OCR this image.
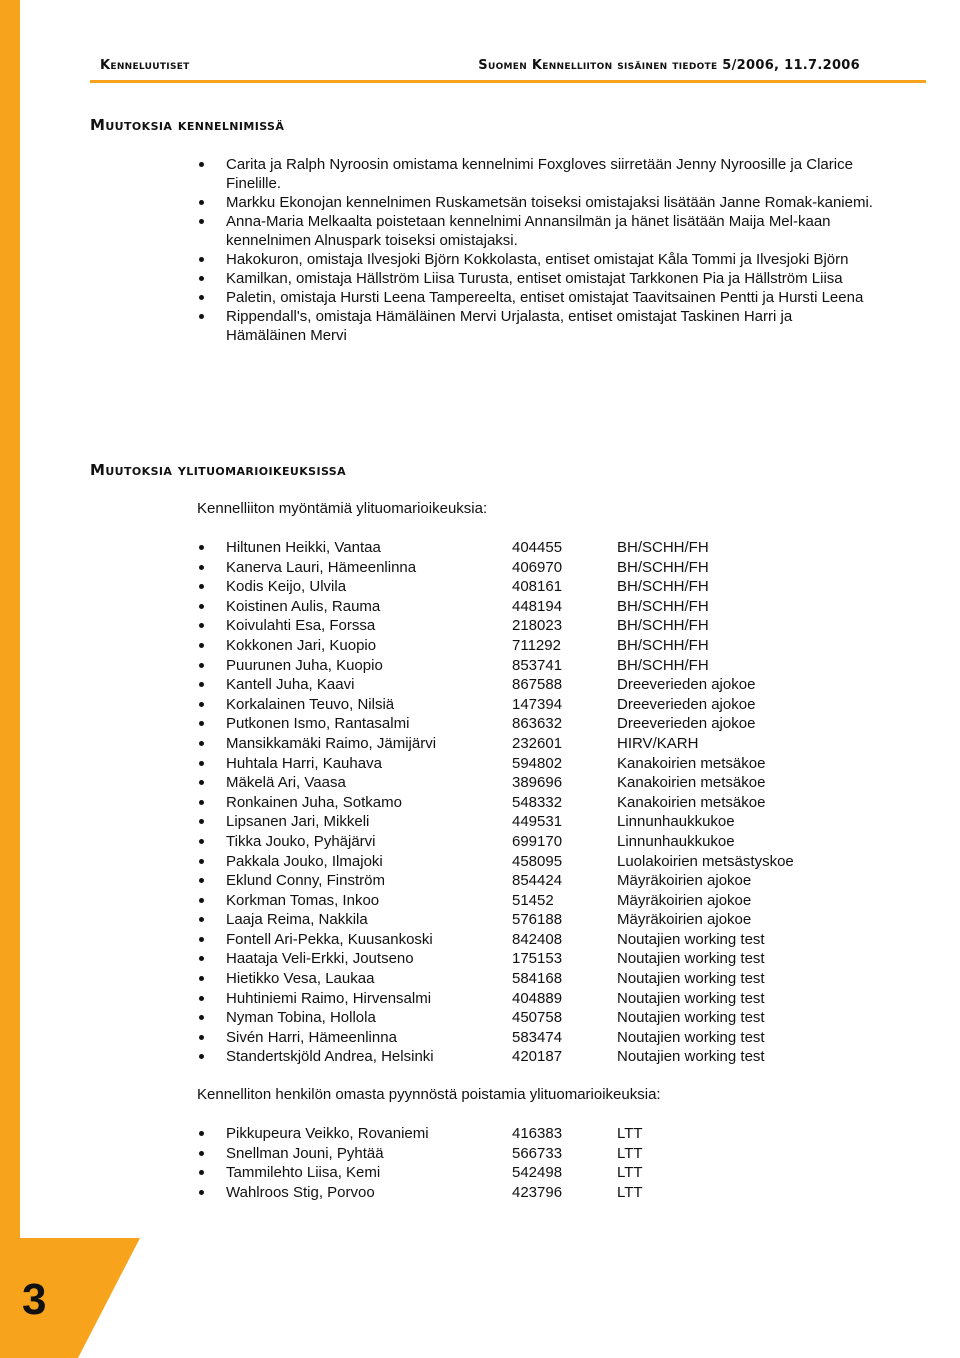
3
Kenneluutiset	Suomen Kennelliiton sisäinen tiedote 5/2006, 11.7.2006
Muutoksia kennelnimissä
Carita ja Ralph Nyroosin omistama kennelnimi Foxgloves siirretään Jenny Nyroosille ja Clarice Finelille.
Markku Ekonojan kennelnimen Ruskametsän toiseksi omistajaksi lisätään Janne Romak-kaniemi.
Anna-Maria Melkaalta poistetaan kennelnimi Annansilmän ja hänet lisätään Maija Mel-kaan kennelnimen Alnuspark toiseksi omistajaksi.
Hakokuron, omistaja Ilvesjoki Björn Kokkolasta, entiset omistajat Kåla Tommi ja Ilvesjoki Björn
Kamilkan, omistaja Hällström Liisa Turusta, entiset omistajat Tarkkonen Pia ja Hällström Liisa
Paletin, omistaja Hursti Leena Tampereelta, entiset omistajat Taavitsainen Pentti ja Hursti Leena
Rippendall's, omistaja Hämäläinen Mervi Urjalasta, entiset omistajat Taskinen Harri ja Hämäläinen Mervi
Muutoksia ylituomarioikeuksissa
Kennelliiton myöntämiä ylituomarioikeuksia:
Hiltunen Heikki, Vantaa	404455	BH/SCHH/FH
Kanerva Lauri, Hämeenlinna	406970	BH/SCHH/FH
Kodis Keijo, Ulvila	408161	BH/SCHH/FH
Koistinen Aulis, Rauma	448194	BH/SCHH/FH
Koivulahti Esa, Forssa	218023	BH/SCHH/FH
Kokkonen Jari, Kuopio	711292	BH/SCHH/FH
Puurunen Juha, Kuopio	853741	BH/SCHH/FH
Kantell Juha, Kaavi	867588	Dreeverieden ajokoe
Korkalainen Teuvo, Nilsiä	147394	Dreeverieden ajokoe
Putkonen Ismo, Rantasalmi	863632	Dreeverieden ajokoe
Mansikkamäki Raimo, Jämijärvi	232601	HIRV/KARH
Huhtala Harri, Kauhava	594802	Kanakoirien metsäkoe
Mäkelä Ari, Vaasa	389696	Kanakoirien metsäkoe
Ronkainen Juha, Sotkamo	548332	Kanakoirien metsäkoe
Lipsanen Jari, Mikkeli	449531	Linnunhaukkukoe
Tikka Jouko, Pyhäjärvi	699170	Linnunhaukkukoe
Pakkala Jouko, Ilmajoki	458095	Luolakoirien metsästyskoe
Eklund Conny, Finström	854424	Mäyräkoirien ajokoe
Korkman Tomas, Inkoo	51452	Mäyräkoirien ajokoe
Laaja Reima, Nakkila	576188	Mäyräkoirien ajokoe
Fontell Ari-Pekka, Kuusankoski	842408	Noutajien working test
Haataja Veli-Erkki, Joutseno	175153	Noutajien working test
Hietikko Vesa, Laukaa	584168	Noutajien working test
Huhtiniemi Raimo, Hirvensalmi	404889	Noutajien working test
Nyman Tobina, Hollola	450758	Noutajien working test
Sivén Harri, Hämeenlinna	583474	Noutajien working test
Standertskjöld Andrea, Helsinki	420187	Noutajien working test
Kennelliton henkilön omasta pyynnöstä poistamia ylituomarioikeuksia:
Pikkupeura Veikko, Rovaniemi	416383	LTT
Snellman Jouni, Pyhtää	566733	LTT
Tammilehto Liisa, Kemi	542498	LTT
Wahlroos Stig, Porvoo	423796	LTT
